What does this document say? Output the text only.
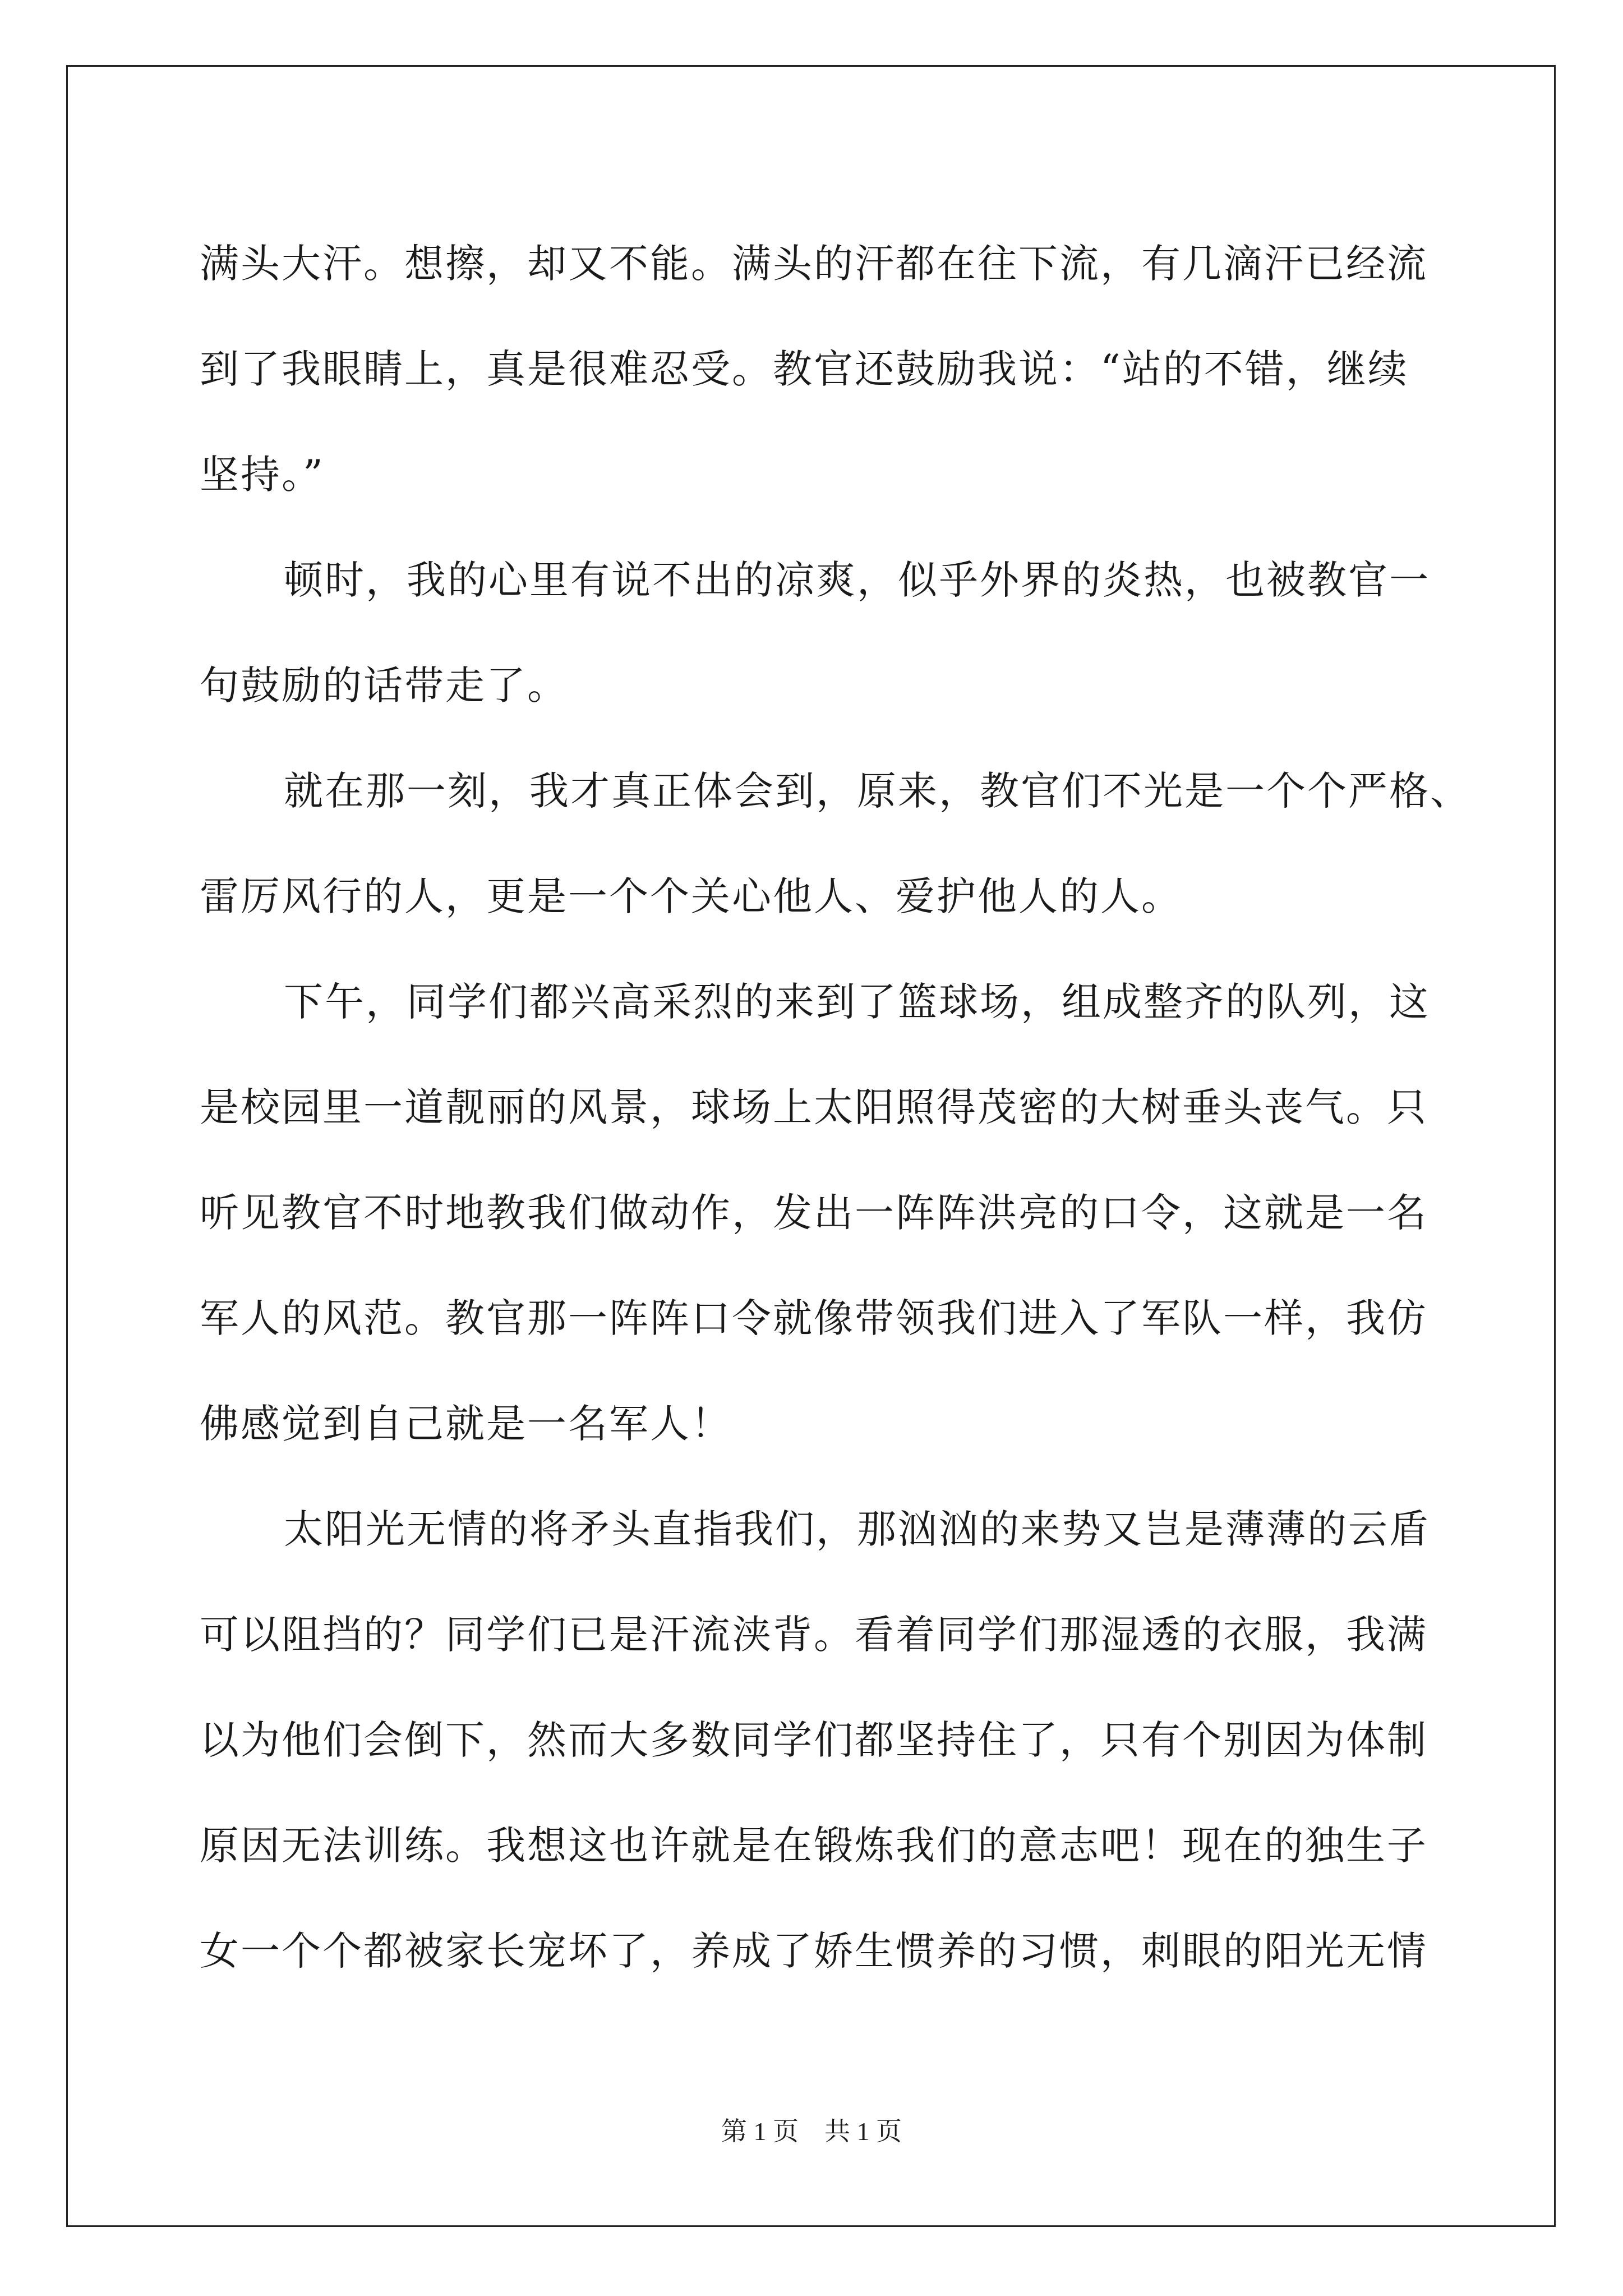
满头大汗。想擦，却又不能。满头的汗都在往下流，有几滴汗已经流
到了我眼睛上，真是很难忍受。教官还鼓励我说：“站的不错，继续
坚持。”
顿时，我的心里有说不出的凉爽，似乎外界的炎热，也被教官一
句鼓励的话带走了。
就在那一刻，我才真正体会到，原来，教官们不光是一个个严格、
雷厉风行的人，更是一个个关心他人、爱护他人的人。
下午，同学们都兴高采烈的来到了篮球场，组成整齐的队列，这
是校园里一道靓丽的风景，球场上太阳照得茂密的大树垂头丧气。只
听见教官不时地教我们做动作，发出一阵阵洪亮的口令，这就是一名
军人的风范。教官那一阵阵口令就像带领我们进入了军队一样，我仿
佛感觉到自己就是一名军人！
太阳光无情的将矛头直指我们，那汹汹的来势又岂是薄薄的云盾
可以阻挡的？同学们已是汗流浃背。看着同学们那湿透的衣服，我满
以为他们会倒下，然而大多数同学们都坚持住了，只有个别因为体制
原因无法训练。我想这也许就是在锻炼我们的意志吧！现在的独生子
女一个个都被家长宠坏了，养成了娇生惯养的习惯，刺眼的阳光无情
第 1 页 共 1 页
